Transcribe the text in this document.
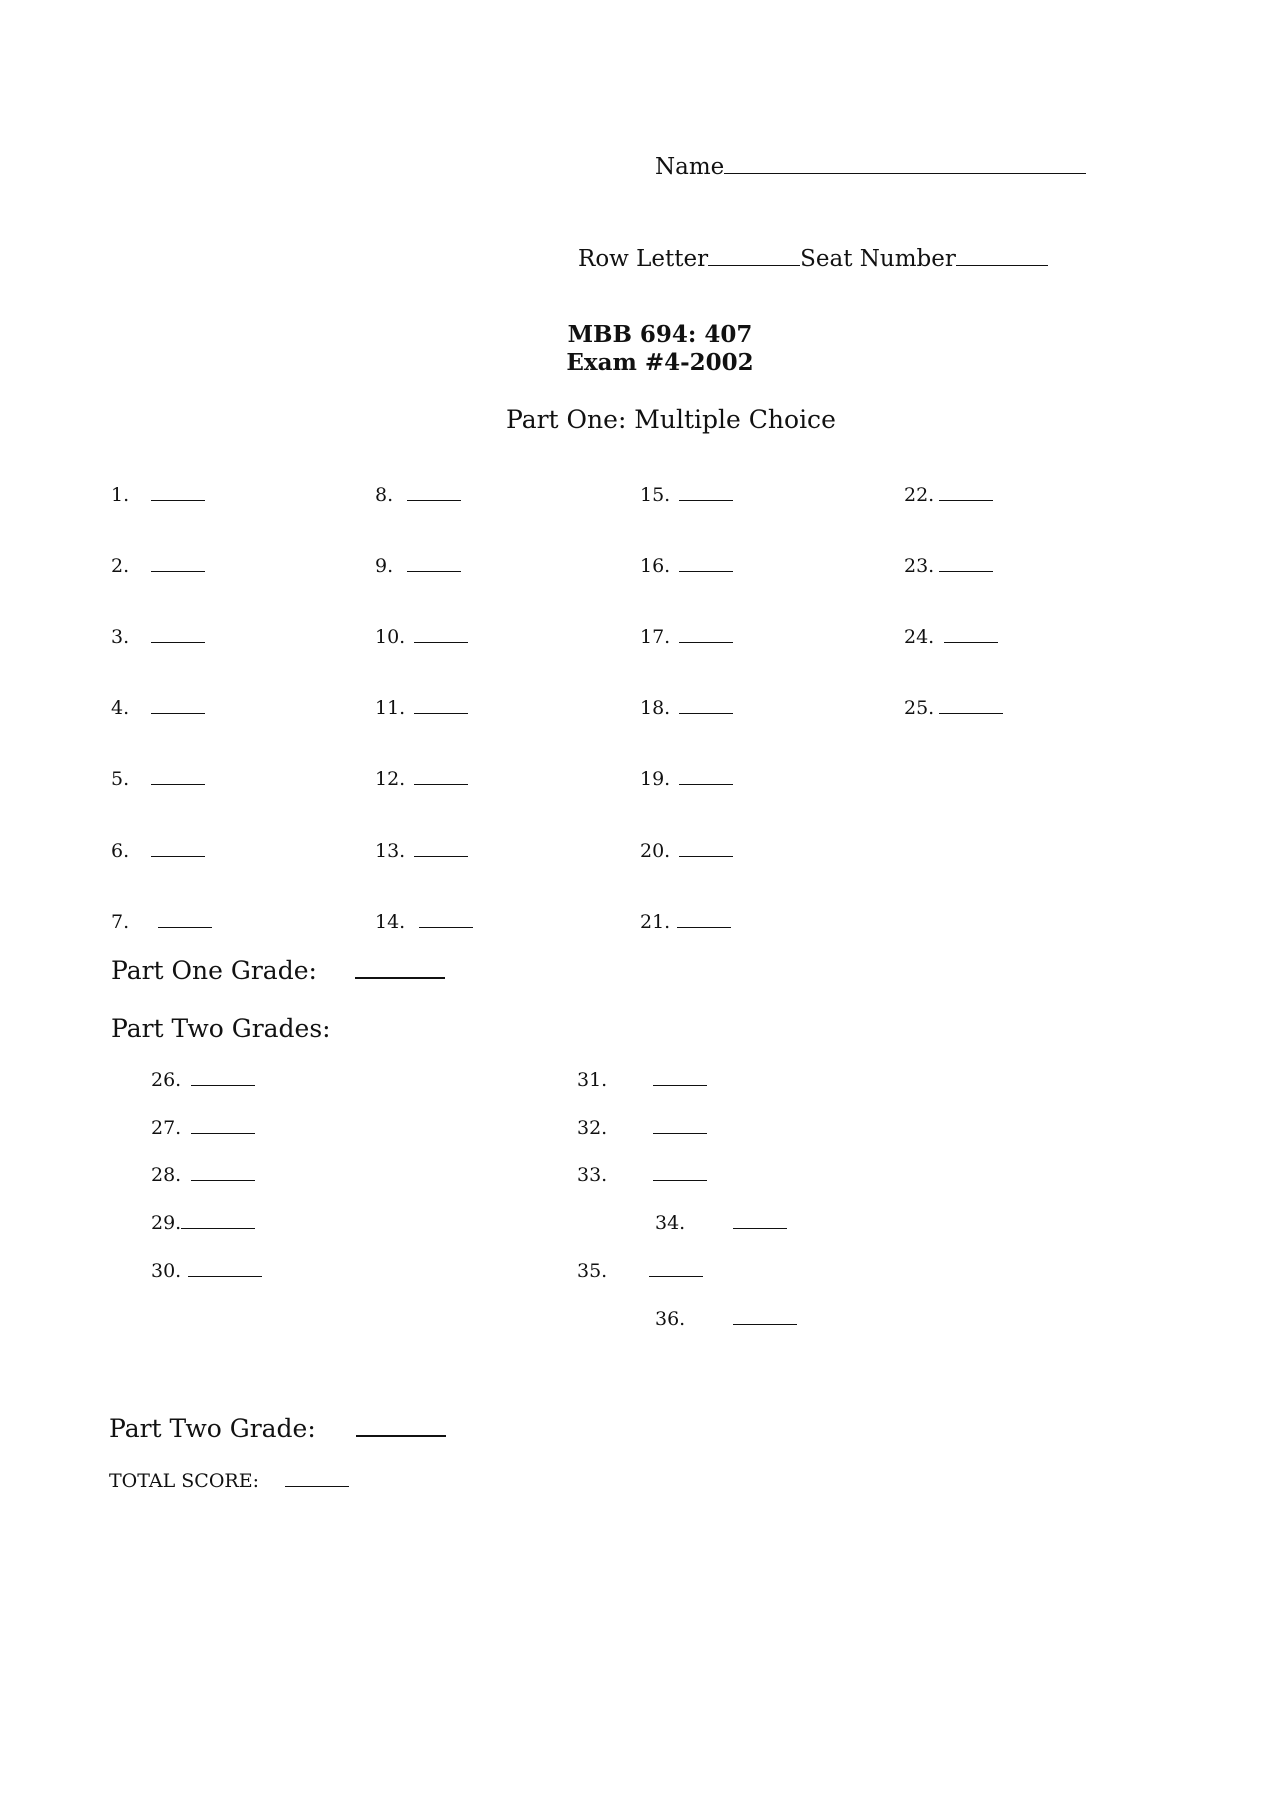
Name
Row Letter	Seat Number
MBB 694: 407
Exam #4-2002
Part One: Multiple Choice
1.
2.
3.
4.
5.
6.
7.
8.
9.
10.
11.
12.
13.
14.
15.
16.
17.
18.
19.
20.
21.
22.
23.
24.
25.
Part One Grade:
Part Two Grades:
26.
27.
28.
29.
30.
31.
32.
33.
34.
35.
36.
Part Two Grade:
TOTAL SCORE:
